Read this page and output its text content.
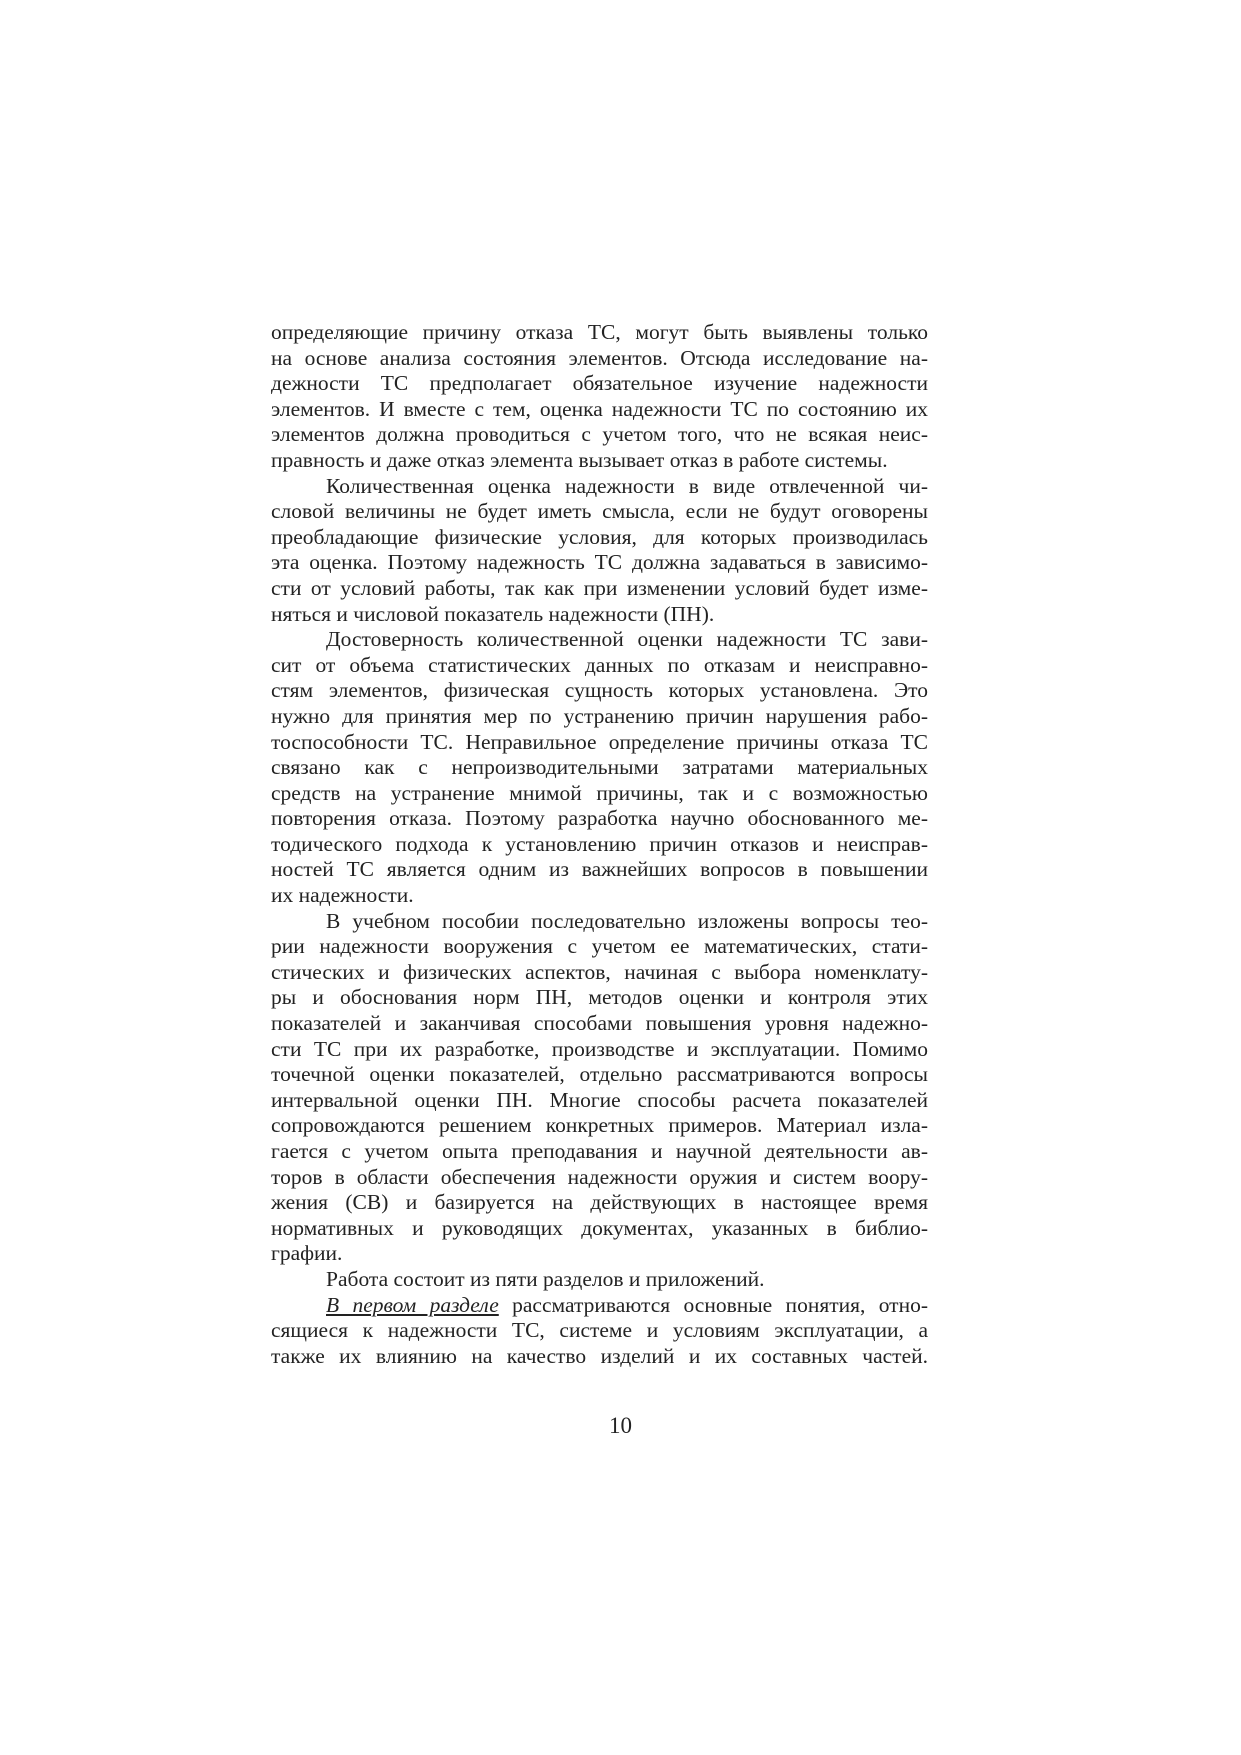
определяющие причину отказа ТС, могут быть выявлены только
на основе анализа состояния элементов. Отсюда исследование на-
дежности ТС предполагает обязательное изучение надежности
элементов. И вместе с тем, оценка надежности ТС по состоянию их
элементов должна проводиться с учетом того, что не всякая неис-
правность и даже отказ элемента вызывает отказ в работе системы.

Количественная оценка надежности в виде отвлеченной чи-
словой величины не будет иметь смысла, если не будут оговорены
преобладающие физические условия, для которых производилась
эта оценка. Поэтому надежность ТС должна задаваться в зависимо-
сти от условий работы, так как при изменении условий будет изме-
няться и числовой показатель надежности (ПН).

Достоверность количественной оценки надежности ТС зави-
сит от объема статистических данных по отказам и неисправно-
стям элементов, физическая сущность которых установлена. Это
нужно для принятия мер по устранению причин нарушения рабо-
тоспособности ТС. Неправильное определение причины отказа ТС
связано как с непроизводительными затратами материальных
средств на устранение мнимой причины, так и с возможностью
повторения отказа. Поэтому разработка научно обоснованного ме-
тодического подхода к установлению причин отказов и неисправ-
ностей ТС является одним из важнейших вопросов в повышении
их надежности.

В учебном пособии последовательно изложены вопросы тео-
рии надежности вооружения с учетом ее математических, стати-
стических и физических аспектов, начиная с выбора номенклату-
ры и обоснования норм ПН, методов оценки и контроля этих
показателей и заканчивая способами повышения уровня надежно-
сти ТС при их разработке, производстве и эксплуатации. Помимо
точечной оценки показателей, отдельно рассматриваются вопросы
интервальной оценки ПН. Многие способы расчета показателей
сопровождаются решением конкретных примеров. Материал изла-
гается с учетом опыта преподавания и научной деятельности ав-
торов в области обеспечения надежности оружия и систем воору-
жения (СВ) и базируется на действующих в настоящее время
нормативных и руководящих документах, указанных в библио-
графии.

Работа состоит из пяти разделов и приложений.

В первом разделе рассматриваются основные понятия, отно-
сящиеся к надежности ТС, системе и условиям эксплуатации, а
также их влиянию на качество изделий и их составных частей.

10
